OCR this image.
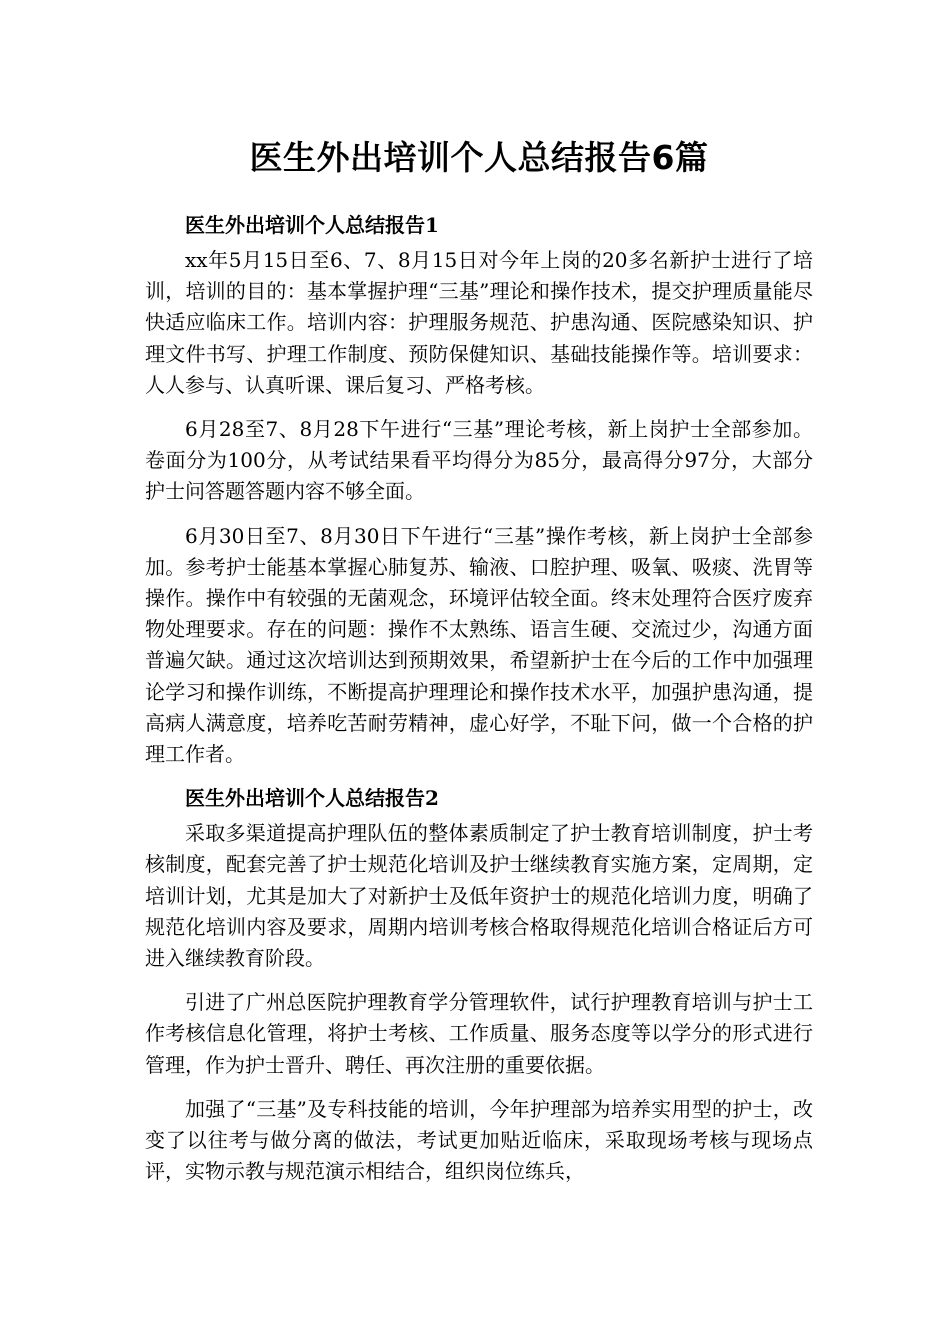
医生外出培训个人总结报告6篇
医生外出培训个人总结报告1

xx年5月15日至6、7、8月15日对今年上岗的20多名新护士进行了培训，培训的目的：基本掌握护理“三基”理论和操作技术，提交护理质量能尽快适应临床工作。培训内容：护理服务规范、护患沟通、医院感染知识、护理文件书写、护理工作制度、预防保健知识、基础技能操作等。培训要求：人人参与、认真听课、课后复习、严格考核。

6月28至7、8月28下午进行“三基”理论考核，新上岗护士全部参加。卷面分为100分，从考试结果看平均得分为85分，最高得分97分，大部分护士问答题答题内容不够全面。

6月30日至7、8月30日下午进行“三基”操作考核，新上岗护士全部参加。参考护士能基本掌握心肺复苏、输液、口腔护理、吸氧、吸痰、洗胃等操作。操作中有较强的无菌观念，环境评估较全面。终末处理符合医疗废弃物处理要求。存在的问题：操作不太熟练、语言生硬、交流过少，沟通方面普遍欠缺。通过这次培训达到预期效果，希望新护士在今后的工作中加强理论学习和操作训练，不断提高护理理论和操作技术水平，加强护患沟通，提高病人满意度，培养吃苦耐劳精神，虚心好学，不耻下问，做一个合格的护理工作者。

医生外出培训个人总结报告2

采取多渠道提高护理队伍的整体素质制定了护士教育培训制度，护士考核制度，配套完善了护士规范化培训及护士继续教育实施方案，定周期，定培训计划，尤其是加大了对新护士及低年资护士的规范化培训力度，明确了规范化培训内容及要求，周期内培训考核合格取得规范化培训合格证后方可进入继续教育阶段。

引进了广州总医院护理教育学分管理软件，试行护理教育培训与护士工作考核信息化管理，将护士考核、工作质量、服务态度等以学分的形式进行管理，作为护士晋升、聘任、再次注册的重要依据。

加强了“三基”及专科技能的培训，今年护理部为培养实用型的护士，改变了以往考与做分离的做法，考试更加贴近临床，采取现场考核与现场点评，实物示教与规范演示相结合，组织岗位练兵，
